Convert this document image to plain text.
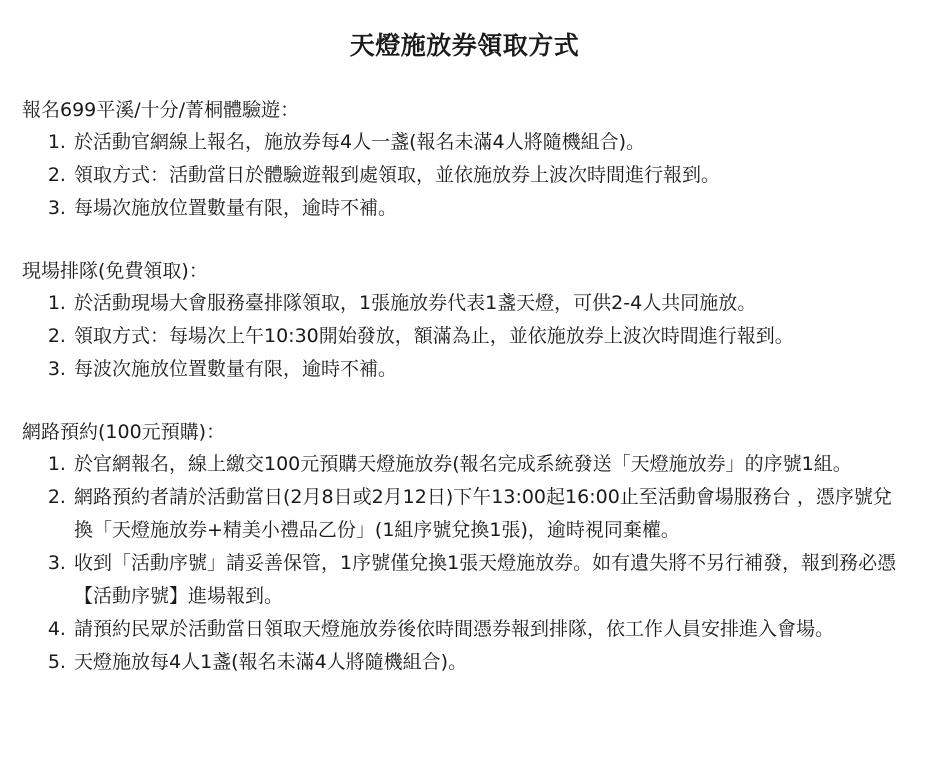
天燈施放券領取方式

報名699平溪/十分/菁桐體驗遊：

1. 於活動官網線上報名，施放券每4人一盞(報名未滿4人將隨機組合)。
2. 領取方式：活動當日於體驗遊報到處領取，並依施放券上波次時間進行報到。
3. 每場次施放位置數量有限，逾時不補。

現場排隊(免費領取)：

1. 於活動現場大會服務臺排隊領取，1張施放券代表1盞天燈，可供2-4人共同施放。
2. 領取方式：每場次上午10:30開始發放，額滿為止，並依施放券上波次時間進行報到。
3. 每波次施放位置數量有限，逾時不補。

網路預約(100元預購)：

1. 於官網報名，線上繳交100元預購天燈施放券(報名完成系統發送「天燈施放券」的序號1組。
2. 網路預約者請於活動當日(2月8日或2月12日)下午13:00起16:00止至活動會場服務台 ，憑序號兌換「天燈施放券+精美小禮品乙份」(1組序號兌換1張)，逾時視同棄權。
3. 收到「活動序號」請妥善保管，1序號僅兌換1張天燈施放券。如有遺失將不另行補發，報到務必憑【活動序號】進場報到。
4. 請預約民眾於活動當日領取天燈施放券後依時間憑券報到排隊，依工作人員安排進入會場。
5. 天燈施放每4人1盞(報名未滿4人將隨機組合)。
